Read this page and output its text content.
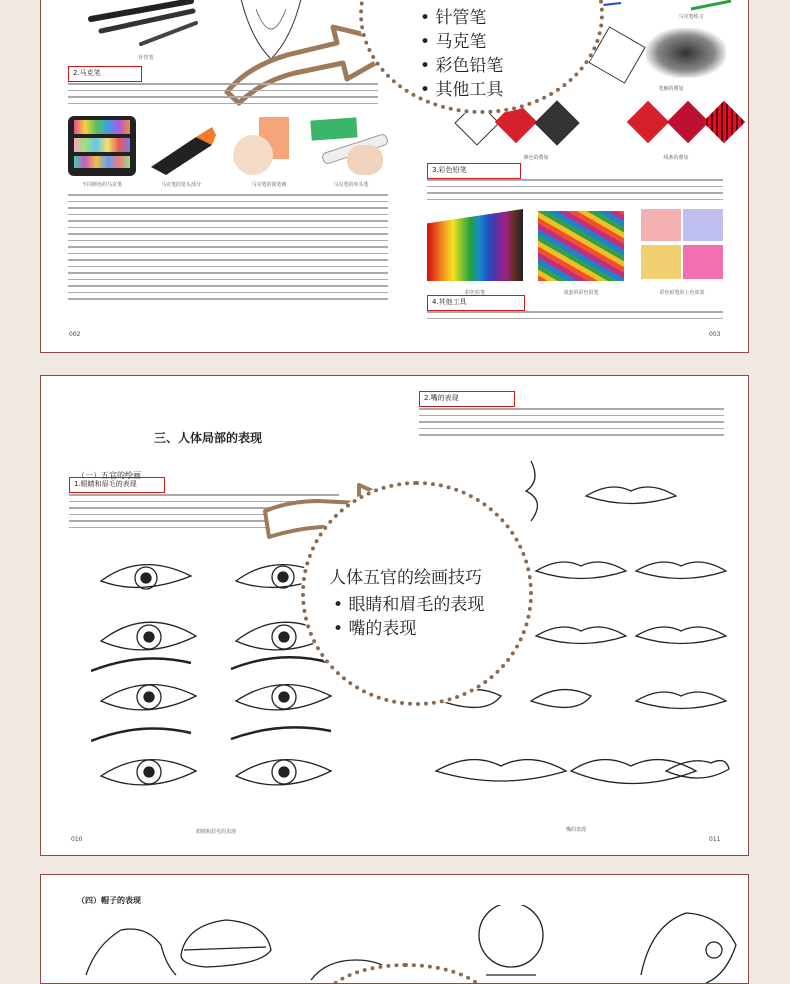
针管笔
2.马克笔
不同颜色的马克笔	马克笔的宽头部分	马克笔的简笔画	马克笔的单头笔
002
马克笔练习
笔触的叠加
颜色的叠加	线条的叠加
3.彩色铅笔
彩色铅笔	成套的彩色铅笔	彩色铅笔的上色效果
4.其他工具
003
• 针管笔
• 马克笔
• 彩色铅笔
• 其他工具
三、人体局部的表现
（一）五官的绘画
1.眼睛和眉毛的表现
眼睛和眉毛的表现
010
2.嘴的表现
嘴的表现
011
人体五官的绘画技巧
• 眼睛和眉毛的表现
• 嘴的表现
（四）帽子的表现
